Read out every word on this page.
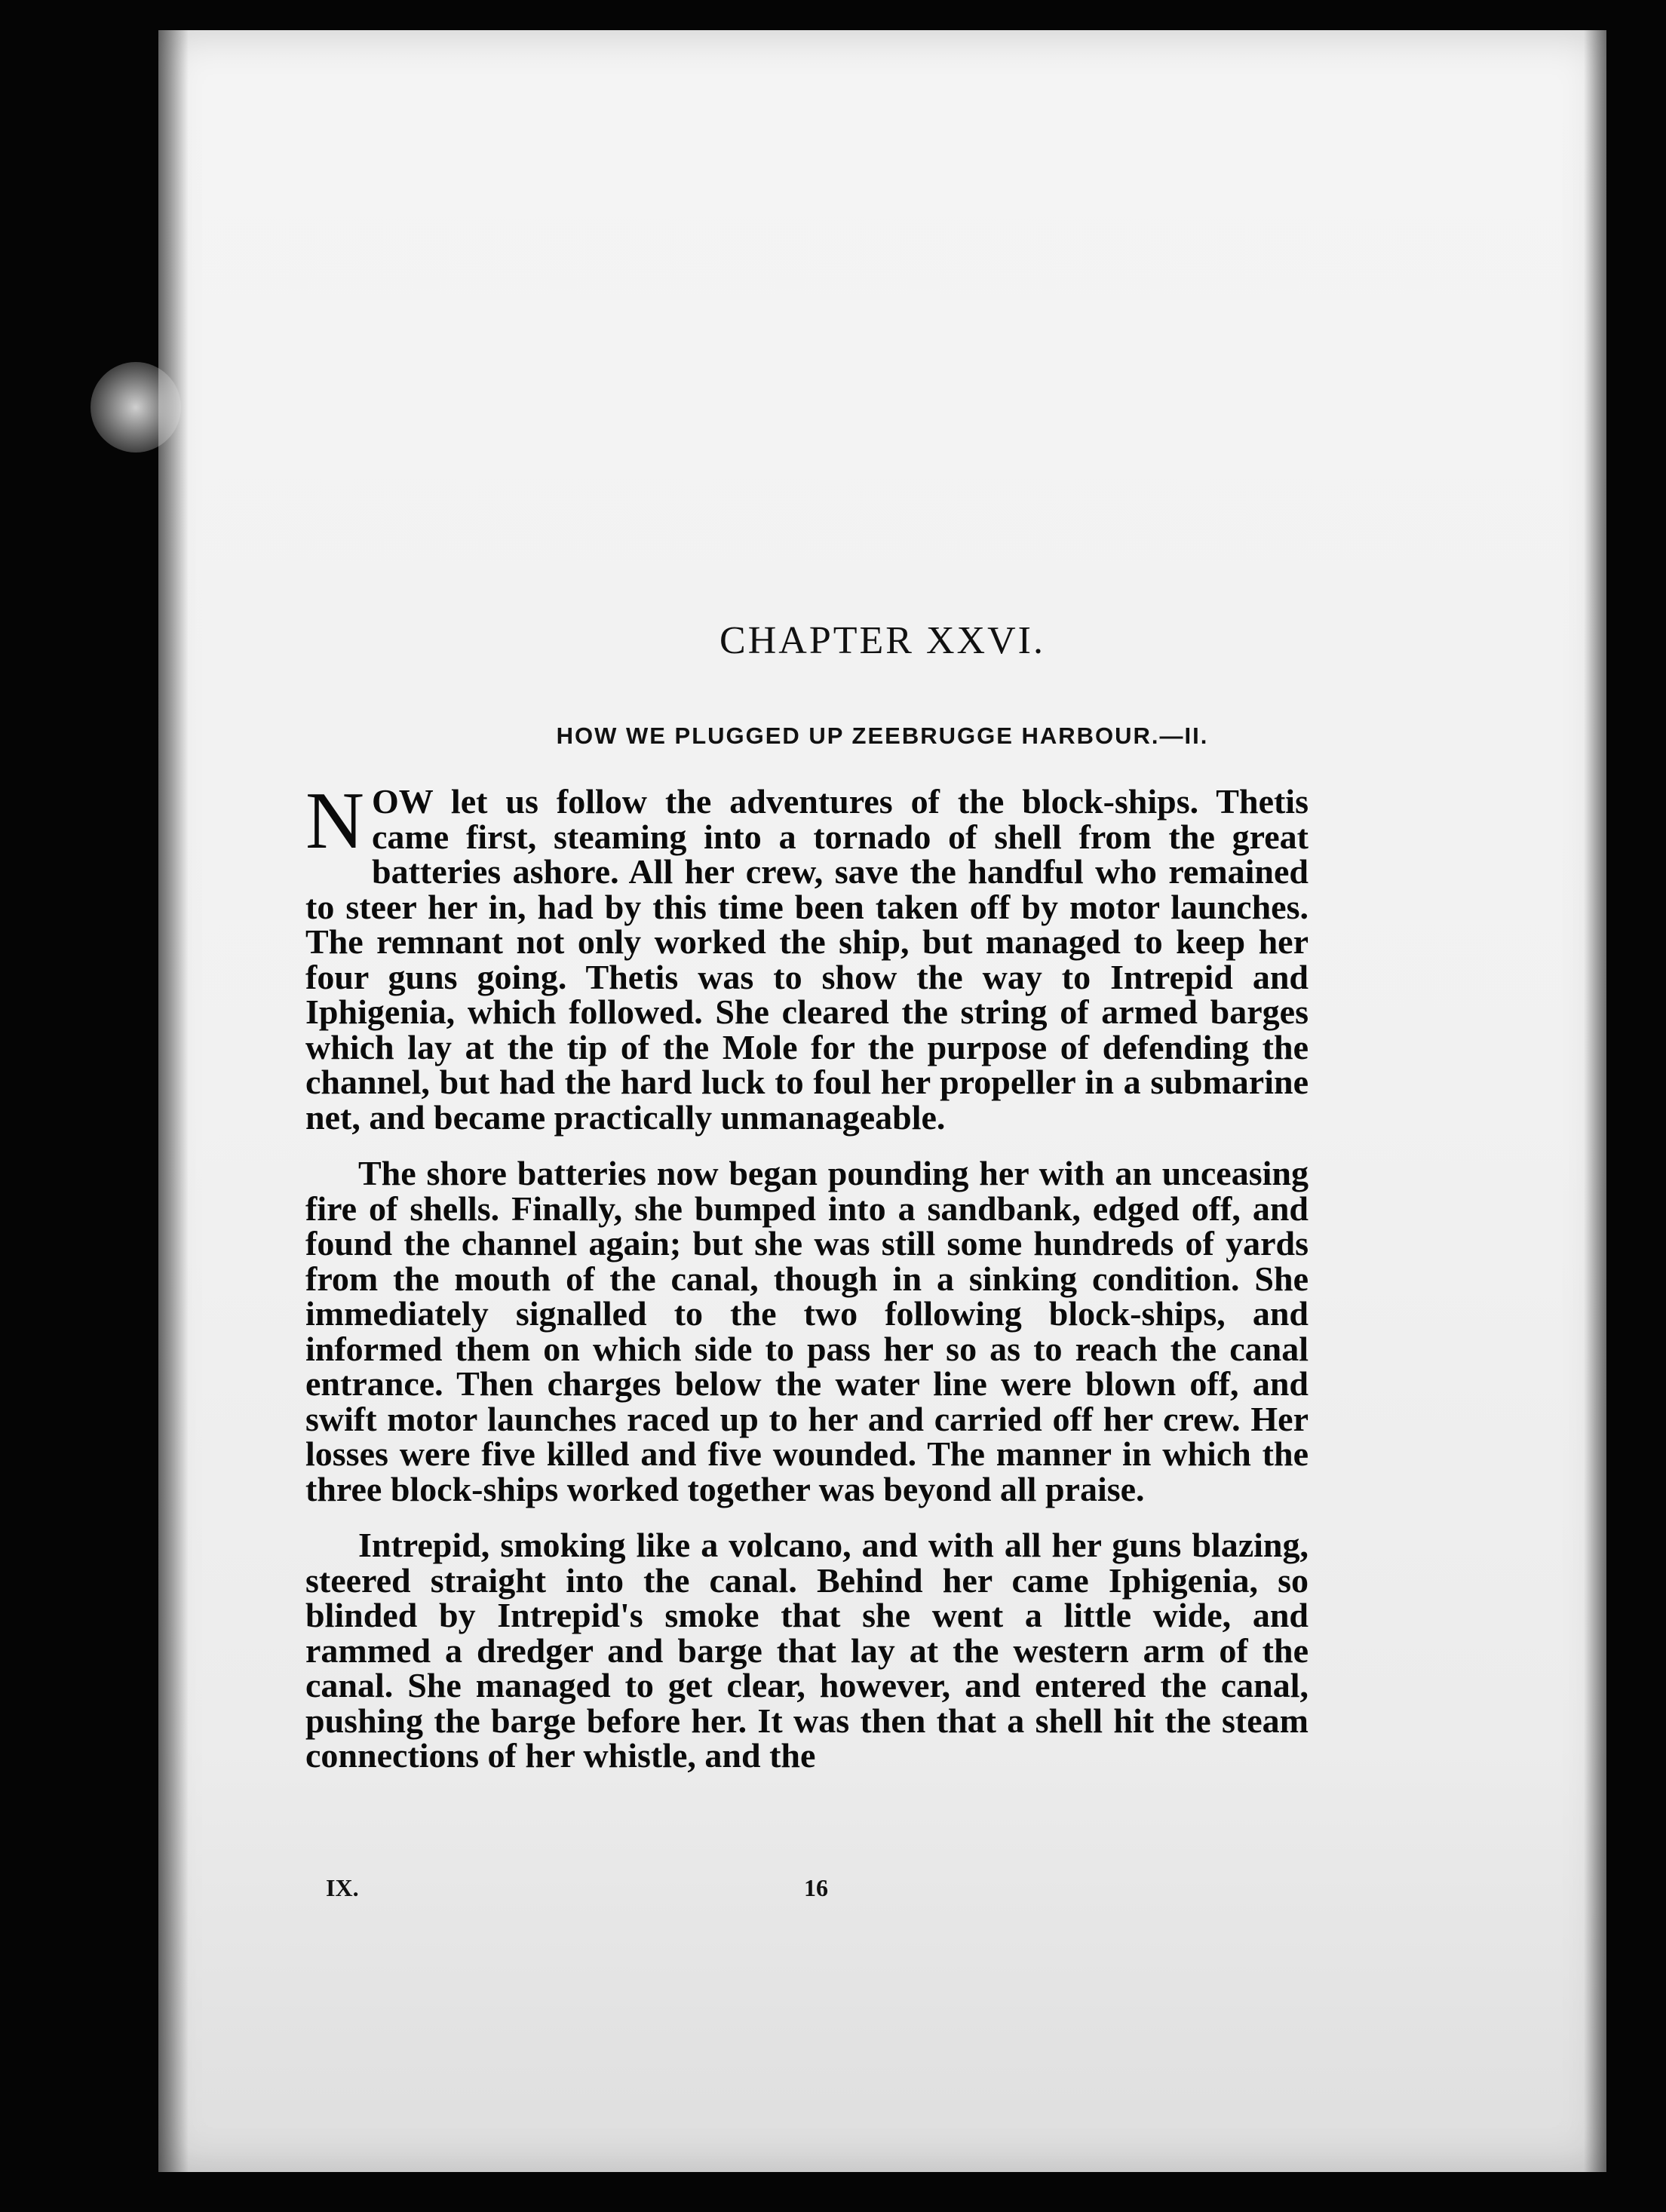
CHAPTER XXVI.
HOW WE PLUGGED UP ZEEBRUGGE HARBOUR.—II.

NOW let us follow the adventures of the block-ships. Thetis came first, steaming into a tornado of shell from the great batteries ashore. All her crew, save the handful who remained to steer her in, had by this time been taken off by motor launches. The remnant not only worked the ship, but managed to keep her four guns going. Thetis was to show the way to Intrepid and Iphigenia, which followed. She cleared the string of armed barges which lay at the tip of the Mole for the purpose of defending the channel, but had the hard luck to foul her propeller in a submarine net, and became practically unmanageable.

The shore batteries now began pounding her with an unceasing fire of shells. Finally, she bumped into a sandbank, edged off, and found the channel again; but she was still some hundreds of yards from the mouth of the canal, though in a sinking condition. She immediately signalled to the two following block-ships, and informed them on which side to pass her so as to reach the canal entrance. Then charges below the water line were blown off, and swift motor launches raced up to her and carried off her crew. Her losses were five killed and five wounded. The manner in which the three block-ships worked together was beyond all praise.

Intrepid, smoking like a volcano, and with all her guns blazing, steered straight into the canal. Behind her came Iphigenia, so blinded by Intrepid's smoke that she went a little wide, and rammed a dredger and barge that lay at the western arm of the canal. She managed to get clear, however, and entered the canal, pushing the barge before her. It was then that a shell hit the steam connections of her whistle, and the

IX.	16
